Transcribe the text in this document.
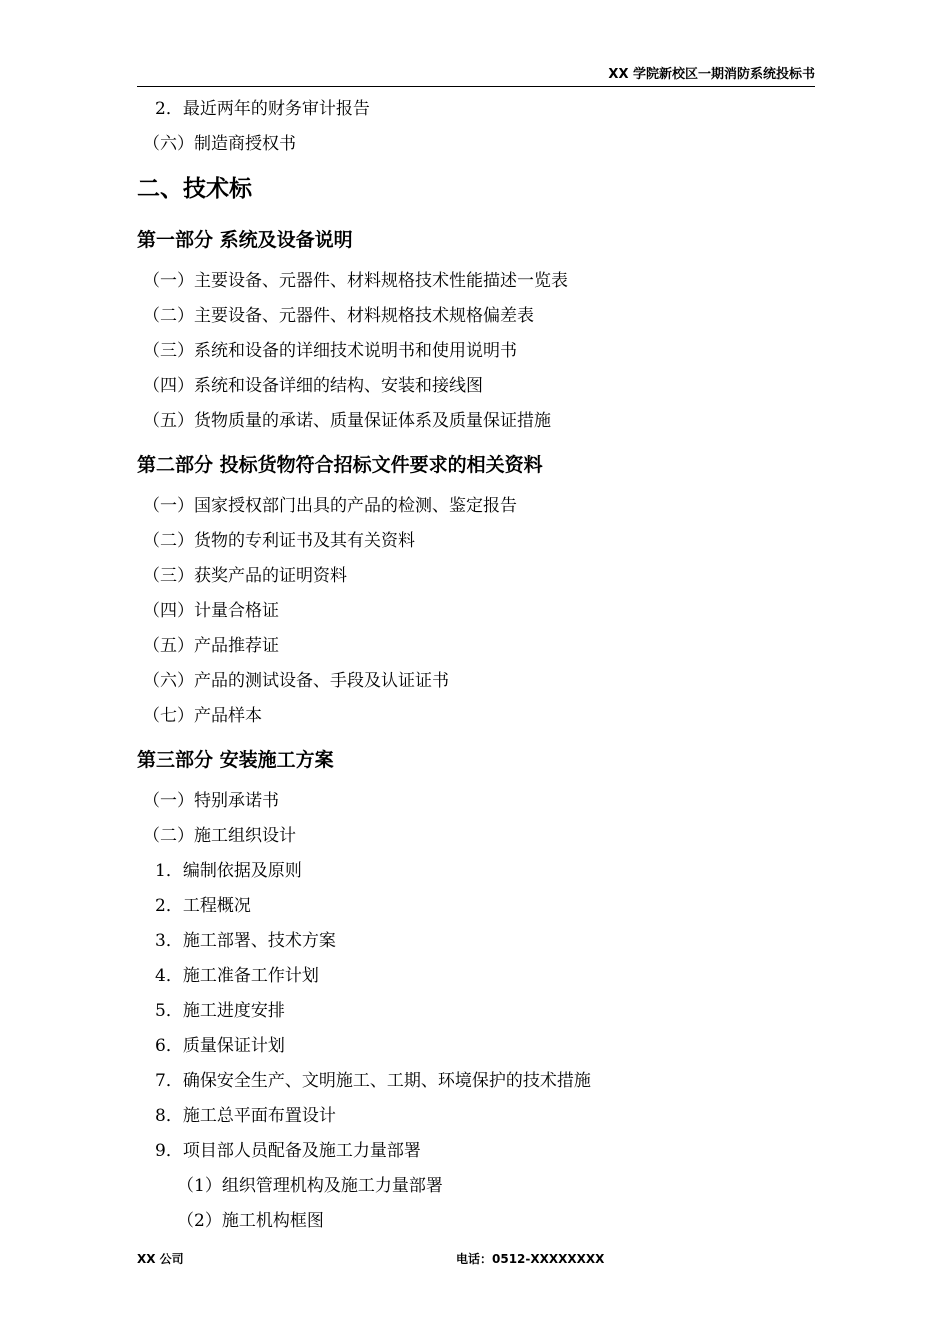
XX 学院新校区一期消防系统投标书
2．最近两年的财务审计报告
（六）制造商授权书
二、技术标
第一部分 系统及设备说明
（一）主要设备、元器件、材料规格技术性能描述一览表
（二）主要设备、元器件、材料规格技术规格偏差表
（三）系统和设备的详细技术说明书和使用说明书
（四）系统和设备详细的结构、安装和接线图
（五）货物质量的承诺、质量保证体系及质量保证措施
第二部分 投标货物符合招标文件要求的相关资料
（一）国家授权部门出具的产品的检测、鉴定报告
（二）货物的专利证书及其有关资料
（三）获奖产品的证明资料
（四）计量合格证
（五）产品推荐证
（六）产品的测试设备、手段及认证证书
（七）产品样本
第三部分 安装施工方案
（一）特别承诺书
（二）施工组织设计
1．编制依据及原则
2．工程概况
3．施工部署、技术方案
4．施工准备工作计划
5．施工进度安排
6．质量保证计划
7．确保安全生产、文明施工、工期、环境保护的技术措施
8．施工总平面布置设计
9．项目部人员配备及施工力量部署
（1）组织管理机构及施工力量部署
（2）施工机构框图
XX 公司	电话：0512-XXXXXXXX
